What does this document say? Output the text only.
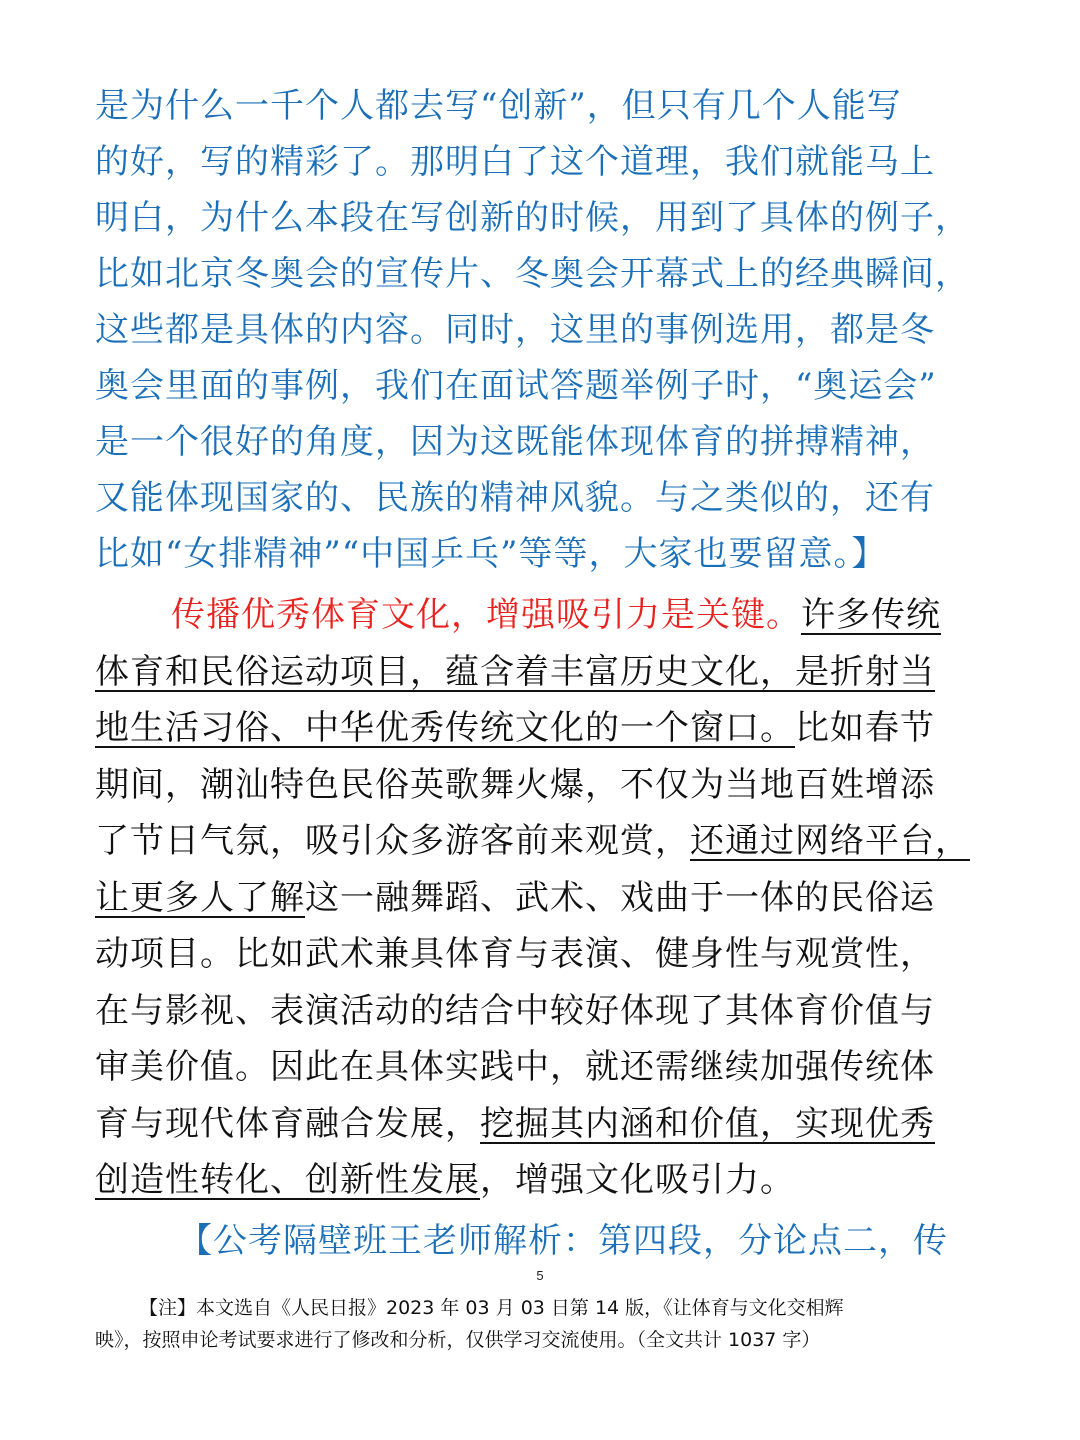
是为什么一千个人都去写“创新”，但只有几个人能写
的好，写的精彩了。那明白了这个道理，我们就能马上
明白，为什么本段在写创新的时候，用到了具体的例子，
比如北京冬奥会的宣传片、冬奥会开幕式上的经典瞬间，
这些都是具体的内容。同时，这里的事例选用，都是冬
奥会里面的事例，我们在面试答题举例子时，“奥运会”
是一个很好的角度，因为这既能体现体育的拼搏精神，
又能体现国家的、民族的精神风貌。与之类似的，还有
比如“女排精神”“中国乒乓”等等，大家也要留意。】
传播优秀体育文化，增强吸引力是关键。许多传统
体育和民俗运动项目，蕴含着丰富历史文化，是折射当
地生活习俗、中华优秀传统文化的一个窗口。比如春节
期间，潮汕特色民俗英歌舞火爆，不仅为当地百姓增添
了节日气氛，吸引众多游客前来观赏，还通过网络平台，
让更多人了解这一融舞蹈、武术、戏曲于一体的民俗运
动项目。比如武术兼具体育与表演、健身性与观赏性，
在与影视、表演活动的结合中较好体现了其体育价值与
审美价值。因此在具体实践中，就还需继续加强传统体
育与现代体育融合发展，挖掘其内涵和价值，实现优秀
创造性转化、创新性发展，增强文化吸引力。
【公考隔壁班王老师解析：第四段，分论点二，传
5
【注】本文选自《人民日报》2023 年 03 月 03 日第 14 版，《让体育与文化交相辉
映》，按照申论考试要求进行了修改和分析，仅供学习交流使用。（全文共计 1037 字）
